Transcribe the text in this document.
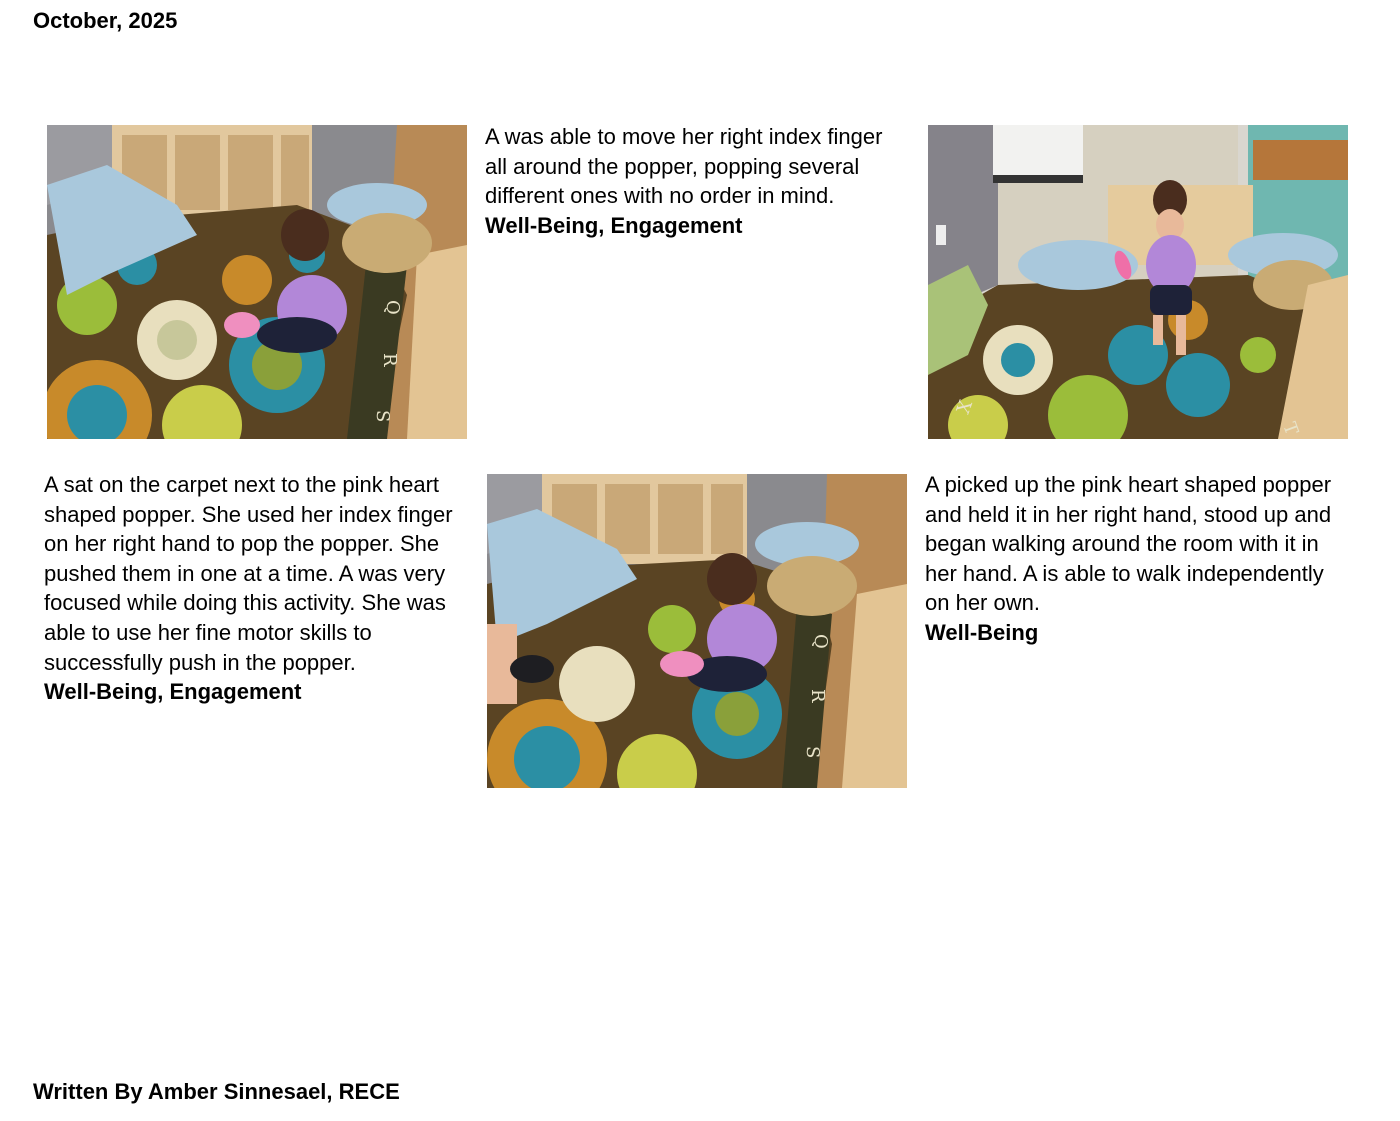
October, 2025
Q
R
S
A was able to move her right index finger all around the popper, popping several different ones with no order in mind.
Well-Being, Engagement
X
T
A sat on the carpet next to the pink heart shaped popper. She used her index finger on her right hand to pop the popper. She pushed them in one at a time. A was very focused while doing this activity. She was able to use her fine motor skills to successfully push in the popper.
Well-Being, Engagement
Q
R
S
A picked up the pink heart shaped popper and held it in her right hand, stood up and began walking around the room with it in her hand. A is able to walk independently on her own.
Well-Being
Written By Amber Sinnesael, RECE
